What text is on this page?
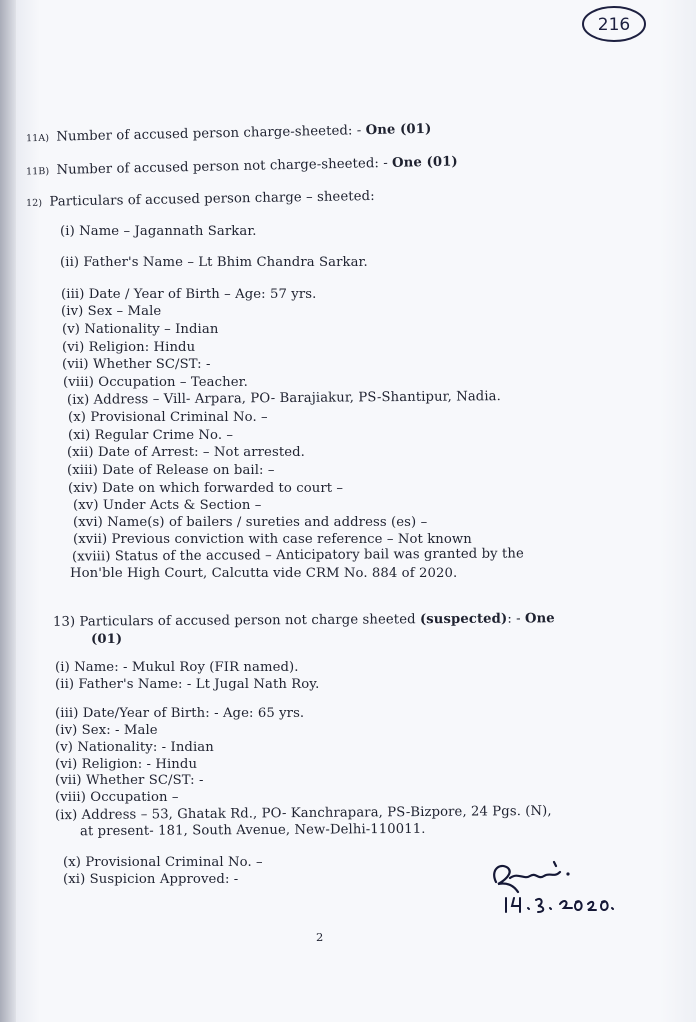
216
11A) Number of accused person charge-sheeted: - One (01)
11B) Number of accused person not charge-sheeted: - One (01)
12) Particulars of accused person charge – sheeted:
(i) Name – Jagannath Sarkar.
(ii) Father's Name – Lt Bhim Chandra Sarkar.
(iii) Date / Year of Birth – Age: 57 yrs.
(iv) Sex – Male
(v) Nationality – Indian
(vi) Religion: Hindu
(vii) Whether SC/ST: -
(viii) Occupation – Teacher.
(ix) Address – Vill- Arpara, PO- Barajiakur, PS-Shantipur, Nadia.
(x) Provisional Criminal No. –
(xi) Regular Crime No. –
(xii) Date of Arrest: – Not arrested.
(xiii) Date of Release on bail: –
(xiv) Date on which forwarded to court –
(xv) Under Acts & Section –
(xvi) Name(s) of bailers / sureties and address (es) –
(xvii) Previous conviction with case reference – Not known
(xviii) Status of the accused – Anticipatory bail was granted by the
Hon'ble High Court, Calcutta vide CRM No. 884 of 2020.
13) Particulars of accused person not charge sheeted (suspected): - One
(01)
(i) Name: - Mukul Roy (FIR named).
(ii) Father's Name: - Lt Jugal Nath Roy.
(iii) Date/Year of Birth: - Age: 65 yrs.
(iv) Sex: - Male
(v) Nationality: - Indian
(vi) Religion: - Hindu
(vii) Whether SC/ST: -
(viii) Occupation –
(ix) Address – 53, Ghatak Rd., PO- Kanchrapara, PS-Bizpore, 24 Pgs. (N),
at present- 181, South Avenue, New-Delhi-110011.
(x) Provisional Criminal No. –
(xi) Suspicion Approved: -
2
